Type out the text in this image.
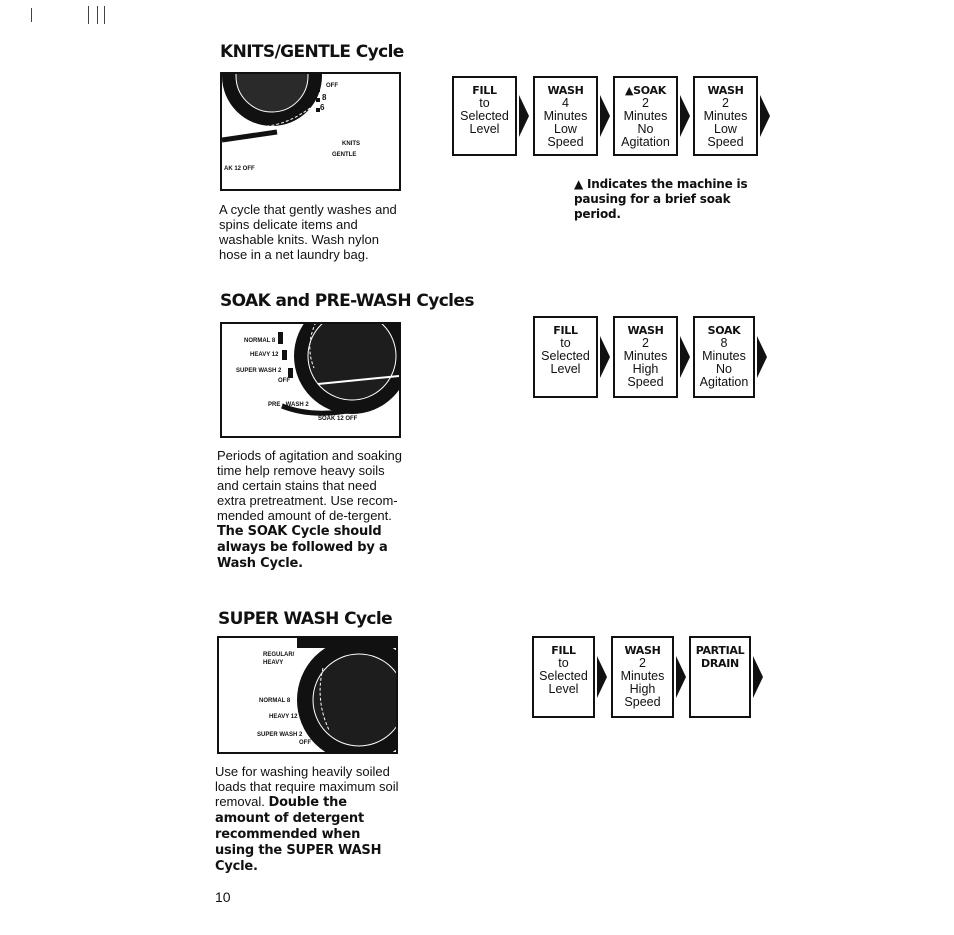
KNITS/GENTLE Cycle
OFF
8
6
KNITS
GENTLE
AK 12 OFF
A cycle that gently washes and spins delicate items and washable knits. Wash nylon hose in a net laundry bag.
FILL
to
Selected
Level
WASH
4
Minutes
Low
Speed
▲SOAK
2
Minutes
No
Agitation
WASH
2
Minutes
Low
Speed
▲ Indicates the machine is pausing for a brief soak period.
SOAK and PRE-WASH Cycles
NORMAL 8
HEAVY 12
SUPER WASH 2
OFF
PRE - WASH 2
SOAK 12 OFF
Periods of agitation and soaking time help remove heavy soils and certain stains that need extra pretreatment. Use recom-mended amount of de-tergent. The SOAK Cycle should always be followed by a Wash Cycle.
FILL
to
Selected
Level
WASH
2
Minutes
High
Speed
SOAK
8
Minutes
No
Agitation
SUPER WASH Cycle
REGULAR/
HEAVY
NORMAL 8
HEAVY 12
SUPER WASH 2
OFF
Use for washing heavily soiled loads that require maximum soil removal. Double the amount of detergent recommended when using the SUPER WASH Cycle.
FILL
to
Selected
Level
WASH
2
Minutes
High
Speed
PARTIAL
DRAIN
10
